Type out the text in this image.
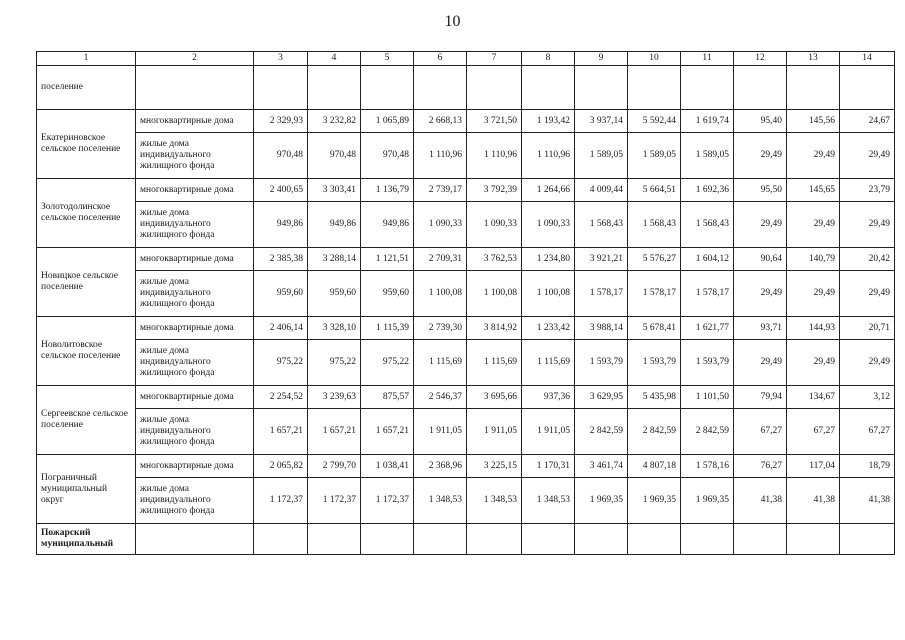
10
1	2	3	4	5	6	7	8	9	10	11	12	13	14
поселение													
Екатериновское сельское поселение	многоквартирные дома	2 329,93	3 232,82	1 065,89	2 668,13	3 721,50	1 193,42	3 937,14	5 592,44	1 619,74	95,40	145,56	24,67
	жилые дома индивидуального жилищного фонда	970,48	970,48	970,48	1 110,96	1 110,96	1 110,96	1 589,05	1 589,05	1 589,05	29,49	29,49	29,49
Золотодолинское сельское поселение	многоквартирные дома	2 400,65	3 303,41	1 136,79	2 739,17	3 792,39	1 264,66	4 009,44	5 664,51	1 692,36	95,50	145,65	23,79
	жилые дома индивидуального жилищного фонда	949,86	949,86	949,86	1 090,33	1 090,33	1 090,33	1 568,43	1 568,43	1 568,43	29,49	29,49	29,49
Новицкое сельское поселение	многоквартирные дома	2 385,38	3 288,14	1 121,51	2 709,31	3 762,53	1 234,80	3 921,21	5 576,27	1 604,12	90,64	140,79	20,42
	жилые дома индивидуального жилищного фонда	959,60	959,60	959,60	1 100,08	1 100,08	1 100,08	1 578,17	1 578,17	1 578,17	29,49	29,49	29,49
Новолитовское сельское поселение	многоквартирные дома	2 406,14	3 328,10	1 115,39	2 739,30	3 814,92	1 233,42	3 988,14	5 678,41	1 621,77	93,71	144,93	20,71
	жилые дома индивидуального жилищного фонда	975,22	975,22	975,22	1 115,69	1 115,69	1 115,69	1 593,79	1 593,79	1 593,79	29,49	29,49	29,49
Сергеевское сельское поселение	многоквартирные дома	2 254,52	3 239,63	875,57	2 546,37	3 695,66	937,36	3 629,95	5 435,98	1 101,50	79,94	134,67	3,12
	жилые дома индивидуального жилищного фонда	1 657,21	1 657,21	1 657,21	1 911,05	1 911,05	1 911,05	2 842,59	2 842,59	2 842,59	67,27	67,27	67,27
Пограничный муниципальный округ	многоквартирные дома	2 065,82	2 799,70	1 038,41	2 368,96	3 225,15	1 170,31	3 461,74	4 807,18	1 578,16	76,27	117,04	18,79
	жилые дома индивидуального жилищного фонда	1 172,37	1 172,37	1 172,37	1 348,53	1 348,53	1 348,53	1 969,35	1 969,35	1 969,35	41,38	41,38	41,38
Пожарский муниципальный													
